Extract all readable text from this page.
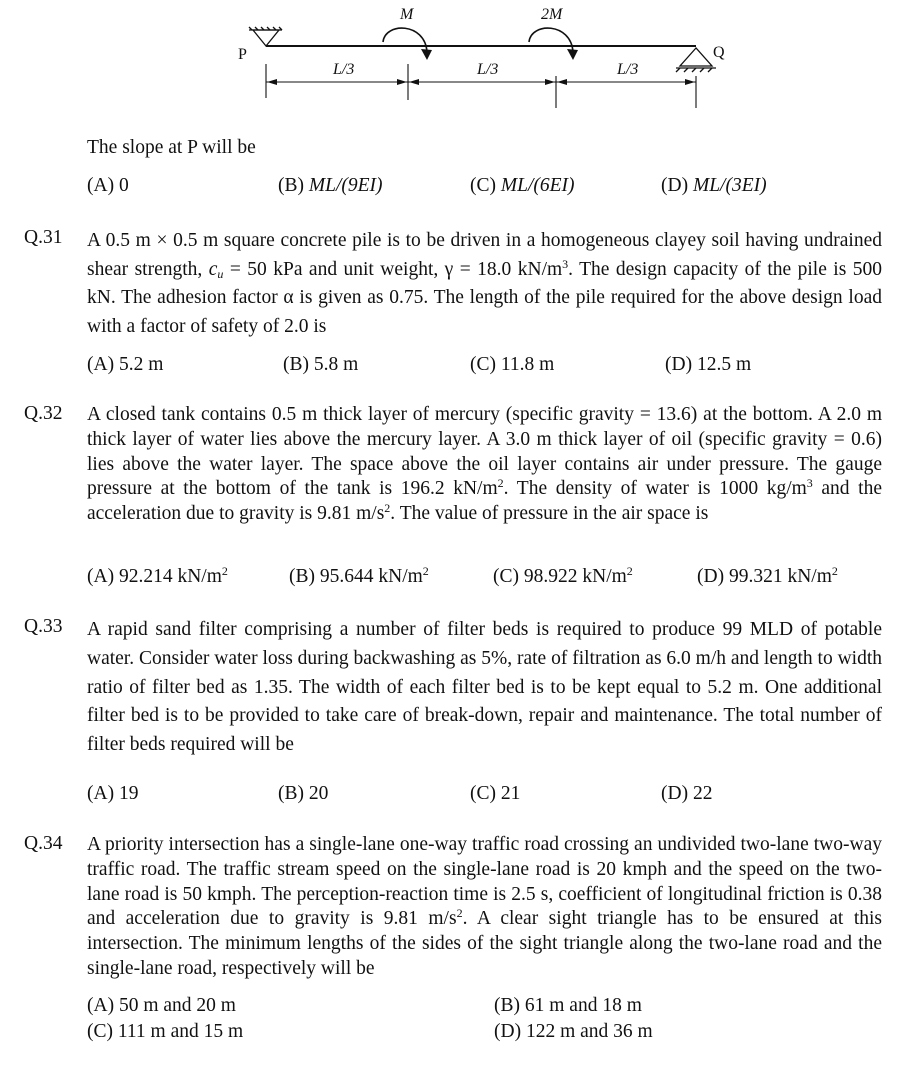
P	Q
M	2M
L/3	L/3	L/3
The slope at P will be
(A) 0	(B) ML/(9EI)	(C) ML/(6EI)	(D) ML/(3EI)
Q.31 A 0.5 m × 0.5 m square concrete pile is to be driven in a homogeneous clayey soil having undrained shear strength, $c_u = 50$ kPa and unit weight, γ = 18.0 $kN/m^3$. The design capacity of the pile is 500 kN. The adhesion factor α is given as 0.75. The length of the pile required for the above design load with a factor of safety of 2.0 is
(A) 5.2 m	(B) 5.8 m	(C) 11.8 m	(D) 12.5 m
Q.32 A closed tank contains 0.5 m thick layer of mercury (specific gravity = 13.6) at the bottom. A 2.0 m thick layer of water lies above the mercury layer. A 3.0 m thick layer of oil (specific gravity = 0.6) lies above the water layer. The space above the oil layer contains air under pressure. The gauge pressure at the bottom of the tank is 196.2 $kN/m^2$. The density of water is 1000 $kg/m^3$ and the acceleration due to gravity is 9.81 $m/s^2$. The value of pressure in the air space is
(A) 92.214 $kN/m^2$	(B) 95.644 $kN/m^2$	(C) 98.922 $kN/m^2$	(D) 99.321 $kN/m^2$
Q.33 A rapid sand filter comprising a number of filter beds is required to produce 99 MLD of potable water. Consider water loss during backwashing as 5%, rate of filtration as 6.0 m/h and length to width ratio of filter bed as 1.35. The width of each filter bed is to be kept equal to 5.2 m. One additional filter bed is to be provided to take care of break-down, repair and maintenance. The total number of filter beds required will be
(A) 19	(B) 20	(C) 21	(D) 22
Q.34 A priority intersection has a single-lane one-way traffic road crossing an undivided two-lane two-way traffic road. The traffic stream speed on the single-lane road is 20 kmph and the speed on the two-lane road is 50 kmph. The perception-reaction time is 2.5 s, coefficient of longitudinal friction is 0.38 and acceleration due to gravity is 9.81 $m/s^2$. A clear sight triangle has to be ensured at this intersection. The minimum lengths of the sides of the sight triangle along the two-lane road and the single-lane road, respectively will be
(A) 50 m and 20 m	(B) 61 m and 18 m
(C) 111 m and 15 m	(D) 122 m and 36 m
